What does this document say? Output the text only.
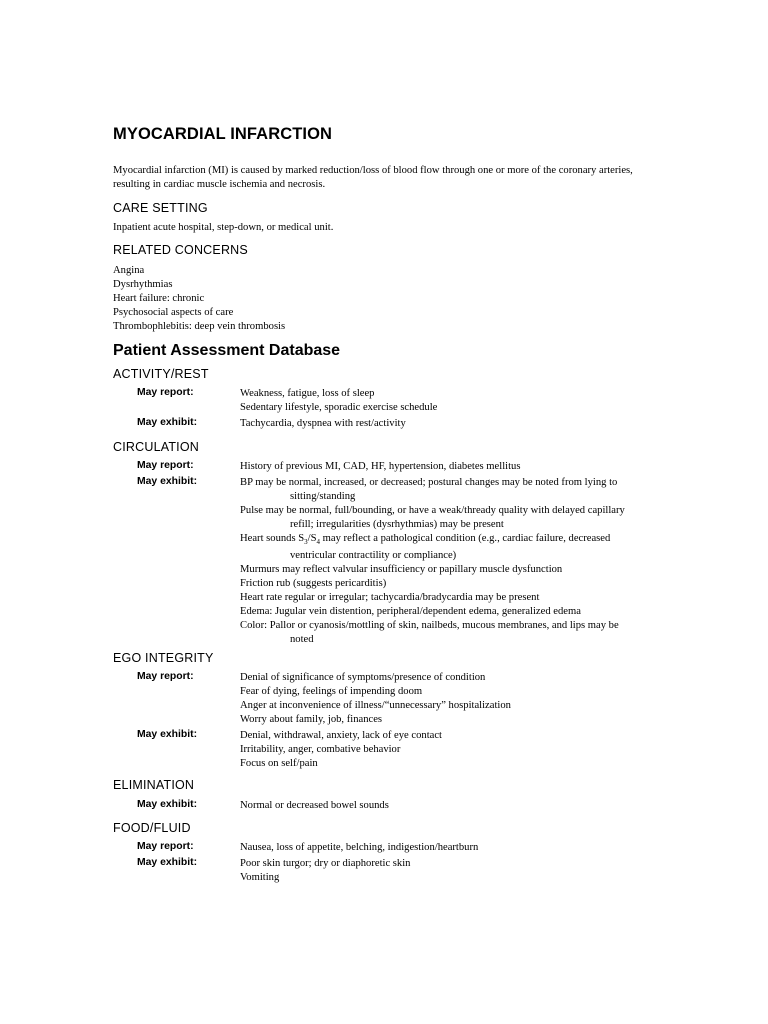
MYOCARDIAL INFARCTION
Myocardial infarction (MI) is caused by marked reduction/loss of blood flow through one or more of the coronary arteries, resulting in cardiac muscle ischemia and necrosis.
CARE SETTING
Inpatient acute hospital, step-down, or medical unit.
RELATED CONCERNS
Angina
Dysrhythmias
Heart failure: chronic
Psychosocial aspects of care
Thrombophlebitis: deep vein thrombosis
Patient Assessment Database
ACTIVITY/REST
May report:	Weakness, fatigue, loss of sleep
Sedentary lifestyle, sporadic exercise schedule
May exhibit:	Tachycardia, dyspnea with rest/activity
CIRCULATION
May report:	History of previous MI, CAD, HF, hypertension, diabetes mellitus
May exhibit:	BP may be normal, increased, or decreased; postural changes may be noted from lying to
sitting/standing
Pulse may be normal, full/bounding, or have a weak/thready quality with delayed capillary
refill; irregularities (dysrhythmias) may be present
Heart sounds $S_3/S_4$ may reflect a pathological condition (e.g., cardiac failure, decreased
ventricular contractility or compliance)
Murmurs may reflect valvular insufficiency or papillary muscle dysfunction
Friction rub (suggests pericarditis)
Heart rate regular or irregular; tachycardia/bradycardia may be present
Edema: Jugular vein distention, peripheral/dependent edema, generalized edema
Color: Pallor or cyanosis/mottling of skin, nailbeds, mucous membranes, and lips may be
noted
EGO INTEGRITY
May report:	Denial of significance of symptoms/presence of condition
Fear of dying, feelings of impending doom
Anger at inconvenience of illness/“unnecessary” hospitalization
Worry about family, job, finances
May exhibit:	Denial, withdrawal, anxiety, lack of eye contact
Irritability, anger, combative behavior
Focus on self/pain
ELIMINATION
May exhibit:	Normal or decreased bowel sounds
FOOD/FLUID
May report:	Nausea, loss of appetite, belching, indigestion/heartburn
May exhibit:	Poor skin turgor; dry or diaphoretic skin
Vomiting
